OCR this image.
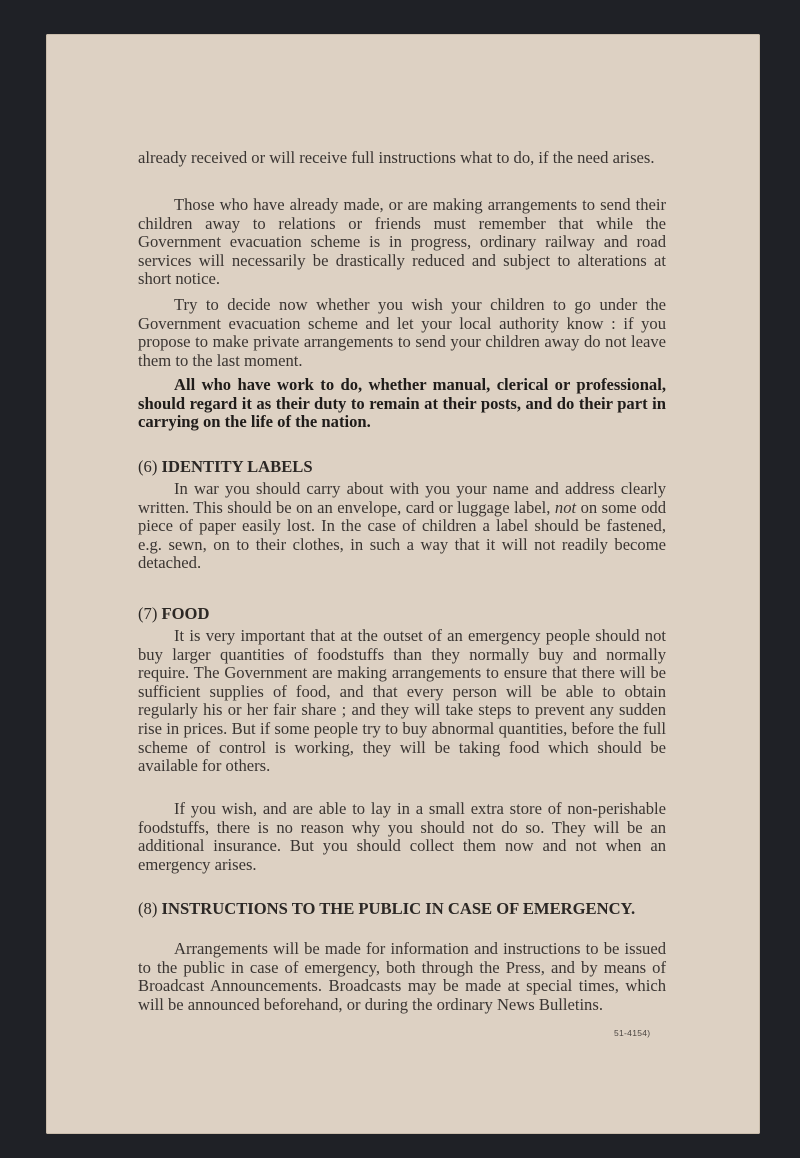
already received or will receive full instructions what to do, if the need arises.

Those who have already made, or are making arrangements to send their children away to relations or friends must remember that while the Government evacuation scheme is in progress, ordinary railway and road services will necessarily be drastically reduced and subject to alterations at short notice.

Try to decide now whether you wish your children to go under the Government evacuation scheme and let your local authority know : if you propose to make private arrangements to send your children away do not leave them to the last moment.

All who have work to do, whether manual, clerical or professional, should regard it as their duty to remain at their posts, and do their part in carrying on the life of the nation.

(6) IDENTITY LABELS

In war you should carry about with you your name and address clearly written. This should be on an envelope, card or luggage label, not on some odd piece of paper easily lost. In the case of children a label should be fastened, e.g. sewn, on to their clothes, in such a way that it will not readily become detached.

(7) FOOD

It is very important that at the outset of an emergency people should not buy larger quantities of foodstuffs than they normally buy and normally require. The Government are making arrangements to ensure that there will be sufficient supplies of food, and that every person will be able to obtain regularly his or her fair share ; and they will take steps to prevent any sudden rise in prices. But if some people try to buy abnormal quantities, before the full scheme of control is working, they will be taking food which should be available for others.

If you wish, and are able to lay in a small extra store of non-perishable foodstuffs, there is no reason why you should not do so. They will be an additional insurance. But you should collect them now and not when an emergency arises.

(8) INSTRUCTIONS TO THE PUBLIC IN CASE OF EMERGENCY.

Arrangements will be made for information and instructions to be issued to the public in case of emergency, both through the Press, and by means of Broadcast Announcements. Broadcasts may be made at special times, which will be announced beforehand, or during the ordinary News Bulletins.

51-4154)
